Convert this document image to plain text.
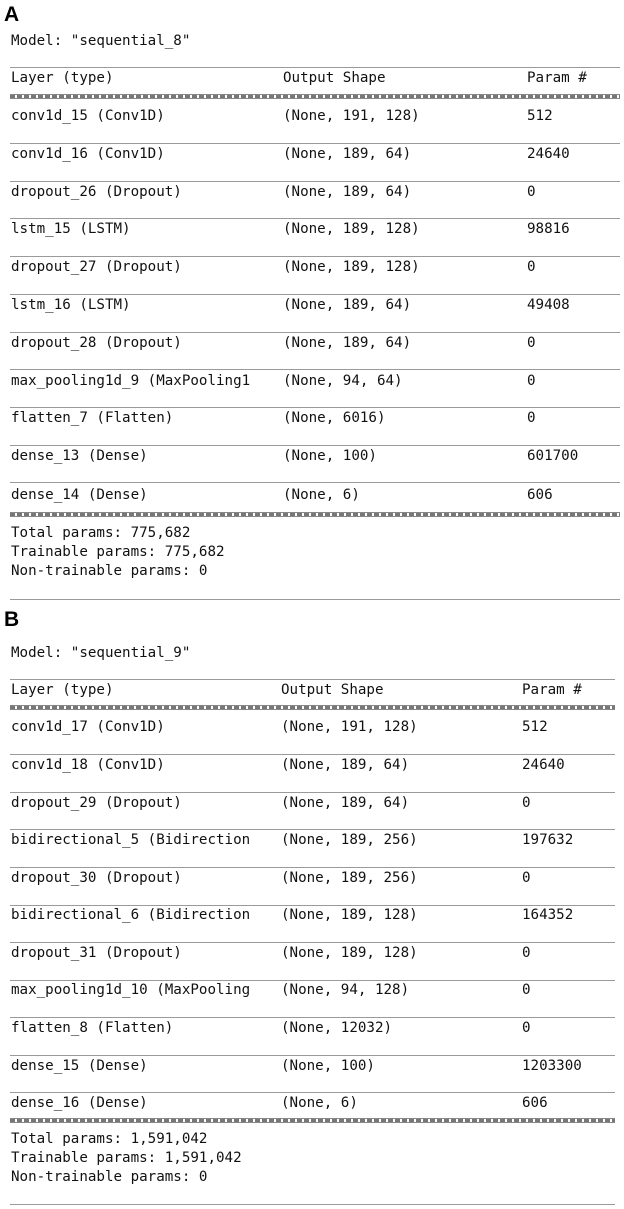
A
Model: "sequential_8"
Layer (type)	Output Shape	Param #
conv1d_15 (Conv1D)	(None, 191, 128)	512
conv1d_16 (Conv1D)	(None, 189, 64)	24640
dropout_26 (Dropout)	(None, 189, 64)	0
lstm_15 (LSTM)	(None, 189, 128)	98816
dropout_27 (Dropout)	(None, 189, 128)	0
lstm_16 (LSTM)	(None, 189, 64)	49408
dropout_28 (Dropout)	(None, 189, 64)	0
max_pooling1d_9 (MaxPooling1 (None, 94, 64)	0
flatten_7 (Flatten)	(None, 6016)	0
dense_13 (Dense)	(None, 100)	601700
dense_14 (Dense)	(None, 6)	606
Total params: 775,682
Trainable params: 775,682
Non-trainable params: 0
B
Model: "sequential_9"
Layer (type)	Output Shape	Param #
conv1d_17 (Conv1D)	(None, 191, 128)	512
conv1d_18 (Conv1D)	(None, 189, 64)	24640
dropout_29 (Dropout)	(None, 189, 64)	0
bidirectional_5 (Bidirection (None, 189, 256)	197632
dropout_30 (Dropout)	(None, 189, 256)	0
bidirectional_6 (Bidirection (None, 189, 128)	164352
dropout_31 (Dropout)	(None, 189, 128)	0
max_pooling1d_10 (MaxPooling (None, 94, 128)	0
flatten_8 (Flatten)	(None, 12032)	0
dense_15 (Dense)	(None, 100)	1203300
dense_16 (Dense)	(None, 6)	606
Total params: 1,591,042
Trainable params: 1,591,042
Non-trainable params: 0
